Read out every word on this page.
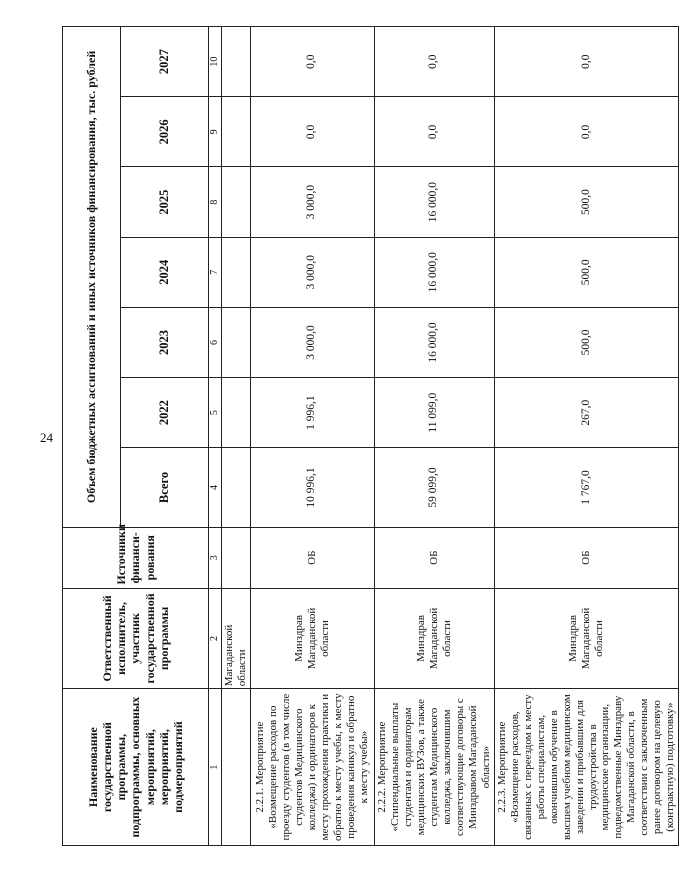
24
Наименование государственной программы, подпрограммы, основных мероприятий, мероприятий, подмероприятий	Ответственный исполнитель, участник государственной программы	Источники финанси-рования	Объем бюджетных ассигнований и иных источников финансирования, тыс. рублей						
			Всего	2022	2023	2024	2025	2026	2027
1	2	3	4	5	6	7	8	9	10
	Магаданской области								
2.2.1. Мероприятие «Возмещение расходов по проезду студентов (в том числе студентов Медицинского колледжа) и ординаторов к месту прохождения практики и обратно к месту учебы, к месту проведения каникул и обратно к месту учебы»	Минздрав Магаданской области	ОБ	10 996,1	1 996,1	3 000,0	3 000,0	3 000,0	0,0	0,0
2.2.2. Мероприятие «Стипендиальные выплаты студентам и ординаторам медицинских ВУЗов, а также студентам Медицинского колледжа, заключившим соответствующие договоры с Минздравом Магаданской области»	Минздрав Магаданской области	ОБ	59 099,0	11 099,0	16 000,0	16 000,0	16 000,0	0,0	0,0
2.2.3. Мероприятие «Возмещение расходов, связанных с переездом к месту работы специалистам, окончившим обучение в высшем учебном медицинском заведении и прибывшим для трудоустройства в медицинские организации, подведомственные Минздраву Магаданской области, в соответствии с заключенным ранее договором на целевую (контрактную) подготовку»	Минздрав Магаданской области	ОБ	1 767,0	267,0	500,0	500,0	500,0	0,0	0,0
